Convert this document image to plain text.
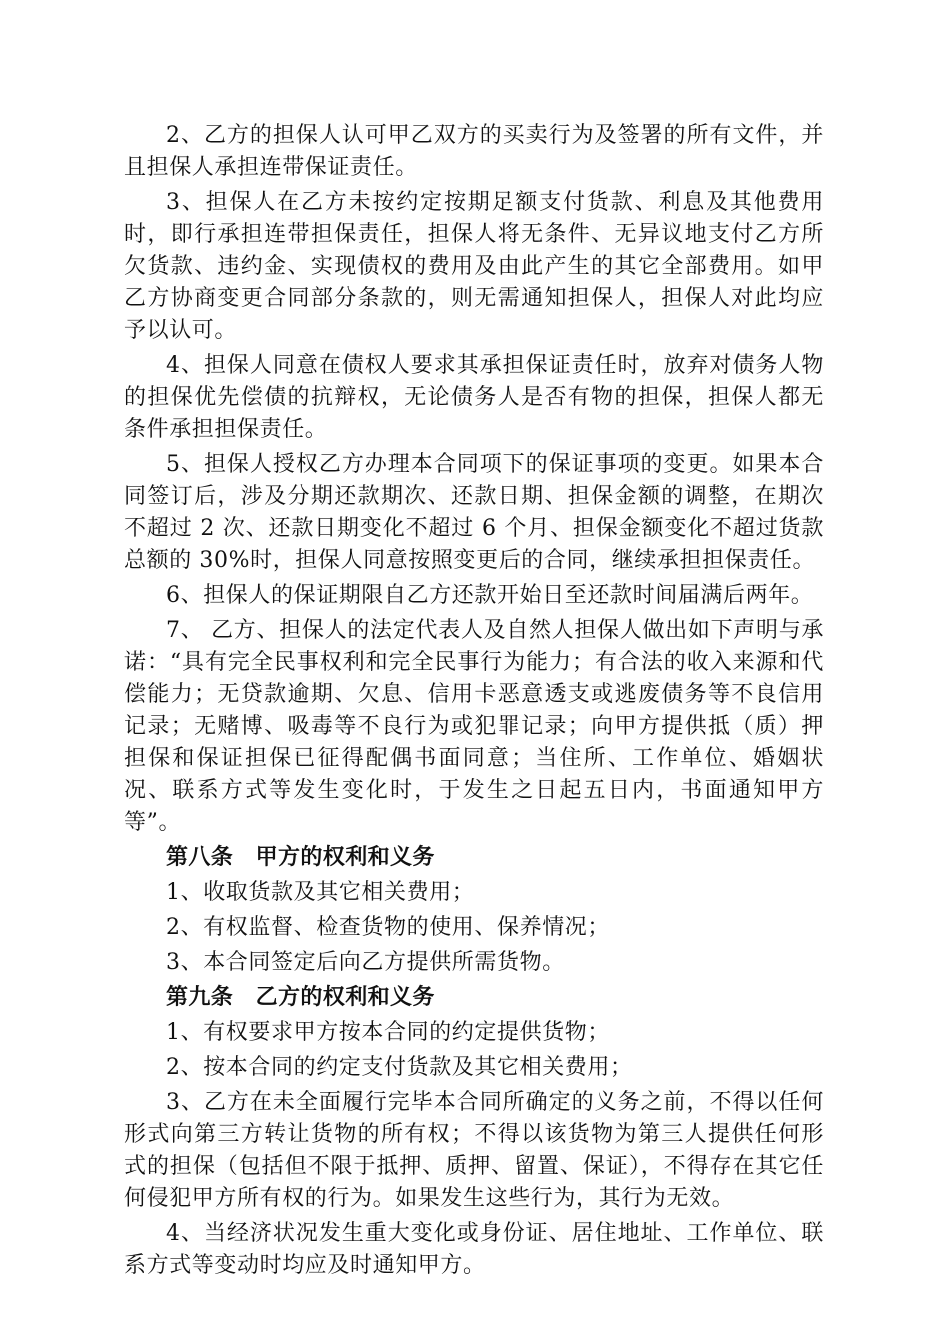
2、乙方的担保人认可甲乙双方的买卖行为及签署的所有文件，并且担保人承担连带保证责任。

3、担保人在乙方未按约定按期足额支付货款、利息及其他费用时，即行承担连带担保责任，担保人将无条件、无异议地支付乙方所欠货款、违约金、实现债权的费用及由此产生的其它全部费用。如甲乙方协商变更合同部分条款的，则无需通知担保人，担保人对此均应予以认可。

4、担保人同意在债权人要求其承担保证责任时，放弃对债务人物的担保优先偿债的抗辩权，无论债务人是否有物的担保，担保人都无条件承担担保责任。

5、担保人授权乙方办理本合同项下的保证事项的变更。如果本合同签订后，涉及分期还款期次、还款日期、担保金额的调整，在期次不超过 2 次、还款日期变化不超过 6 个月、担保金额变化不超过货款总额的 30%时，担保人同意按照变更后的合同，继续承担担保责任。

6、担保人的保证期限自乙方还款开始日至还款时间届满后两年。

7、 乙方、担保人的法定代表人及自然人担保人做出如下声明与承诺：“具有完全民事权利和完全民事行为能力；有合法的收入来源和代偿能力；无贷款逾期、欠息、信用卡恶意透支或逃废债务等不良信用记录；无赌博、吸毒等不良行为或犯罪记录；向甲方提供抵（质）押担保和保证担保已征得配偶书面同意；当住所、工作单位、婚姻状况、联系方式等发生变化时，于发生之日起五日内，书面通知甲方等”。

第八条　甲方的权利和义务

1、收取货款及其它相关费用；

2、有权监督、检查货物的使用、保养情况；

3、本合同签定后向乙方提供所需货物。

第九条　乙方的权利和义务

1、有权要求甲方按本合同的约定提供货物；

2、按本合同的约定支付货款及其它相关费用；

3、乙方在未全面履行完毕本合同所确定的义务之前，不得以任何形式向第三方转让货物的所有权；不得以该货物为第三人提供任何形式的担保（包括但不限于抵押、质押、留置、保证），不得存在其它任何侵犯甲方所有权的行为。如果发生这些行为，其行为无效。

4、当经济状况发生重大变化或身份证、居住地址、工作单位、联系方式等变动时均应及时通知甲方。
